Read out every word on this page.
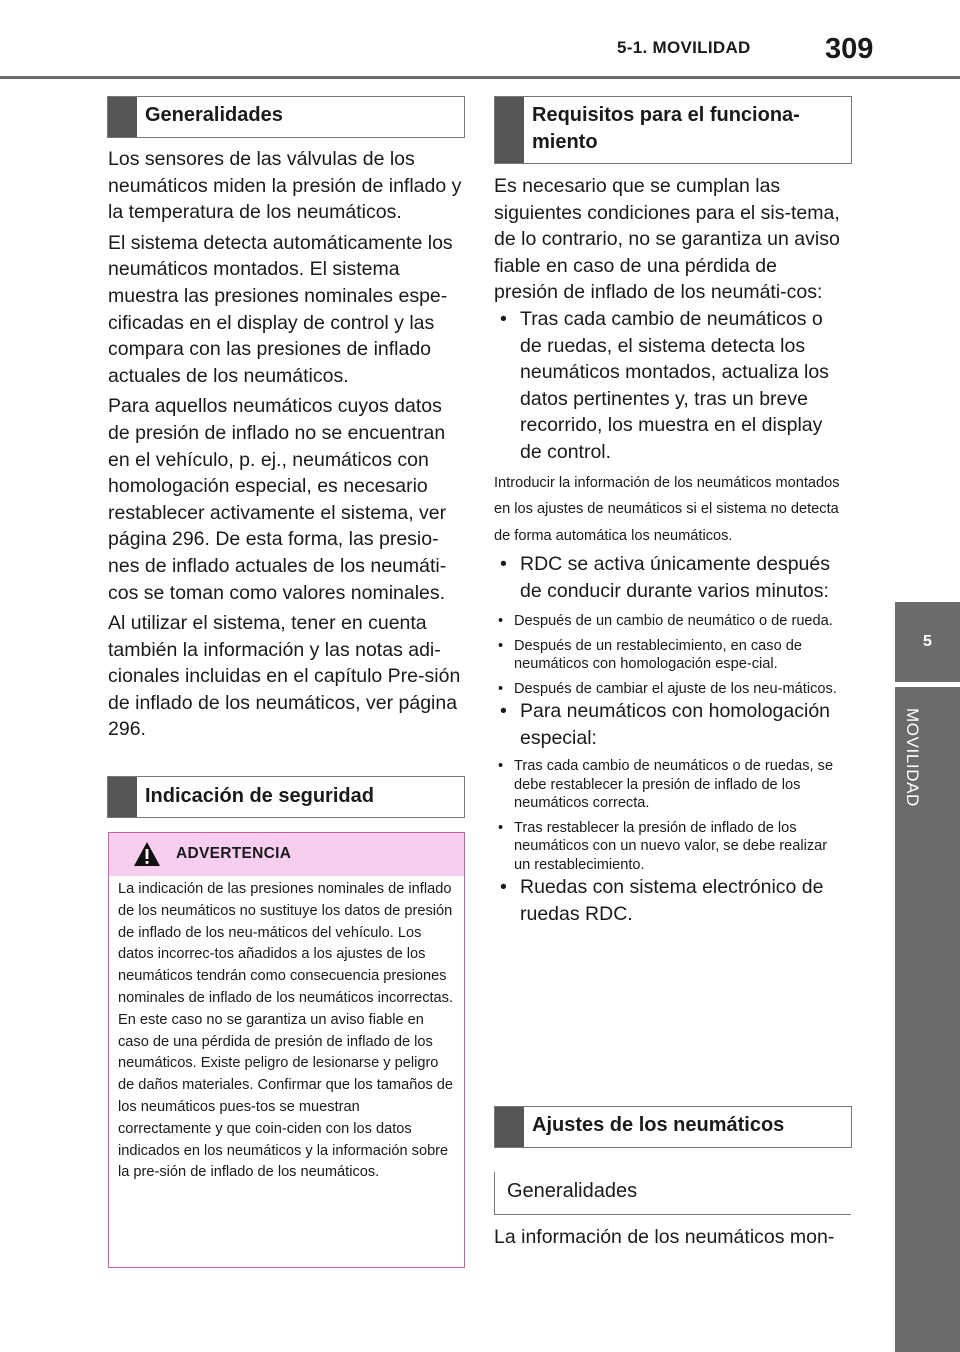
5-1. MOVILIDAD	309
5
MOVILIDAD
Generalidades

Los sensores de las válvulas de los neumáticos miden la presión de inflado y la temperatura de los neumáticos.

El sistema detecta automáticamente los neumáticos montados. El sistema muestra las presiones nominales espe-cificadas en el display de control y las compara con las presiones de inflado actuales de los neumáticos.

Para aquellos neumáticos cuyos datos de presión de inflado no se encuentran en el vehículo, p. ej., neumáticos con homologación especial, es necesario restablecer activamente el sistema, ver página 296. De esta forma, las presio-nes de inflado actuales de los neumáti-cos se toman como valores nominales.

Al utilizar el sistema, tener en cuenta también la información y las notas adi-cionales incluidas en el capítulo Pre-sión de inflado de los neumáticos, ver página 296.

Indicación de seguridad
ADVERTENCIA
La indicación de las presiones nominales de inflado de los neumáticos no sustituye los datos de presión de inflado de los neu-máticos del vehículo. Los datos incorrec-tos añadidos a los ajustes de los neumáticos tendrán como consecuencia presiones nominales de inflado de los neumáticos incorrectas. En este caso no se garantiza un aviso fiable en caso de una pérdida de presión de inflado de los neumáticos. Existe peligro de lesionarse y peligro de daños materiales. Confirmar que los tamaños de los neumáticos pues-tos se muestran correctamente y que coin-ciden con los datos indicados en los neumáticos y la información sobre la pre-sión de inflado de los neumáticos.
Requisitos para el funciona-miento

Es necesario que se cumplan las siguientes condiciones para el sis-tema, de lo contrario, no se garantiza un aviso fiable en caso de una pérdida de presión de inflado de los neumáti-cos:

• Tras cada cambio de neumáticos o de ruedas, el sistema detecta los neumáticos montados, actualiza los datos pertinentes y, tras un breve recorrido, los muestra en el display de control.

Introducir la información de los neumáticos montados en los ajustes de neumáticos si el sistema no detecta de forma automática los neumáticos.

• RDC se activa únicamente después de conducir durante varios minutos:

• Después de un cambio de neumático o de rueda.
• Después de un restablecimiento, en caso de neumáticos con homologación espe-cial.
• Después de cambiar el ajuste de los neu-máticos.

• Para neumáticos con homologación especial:

• Tras cada cambio de neumáticos o de ruedas, se debe restablecer la presión de inflado de los neumáticos correcta.
• Tras restablecer la presión de inflado de los neumáticos con un nuevo valor, se debe realizar un restablecimiento.

• Ruedas con sistema electrónico de ruedas RDC.

Ajustes de los neumáticos
Generalidades
La información de los neumáticos mon-
